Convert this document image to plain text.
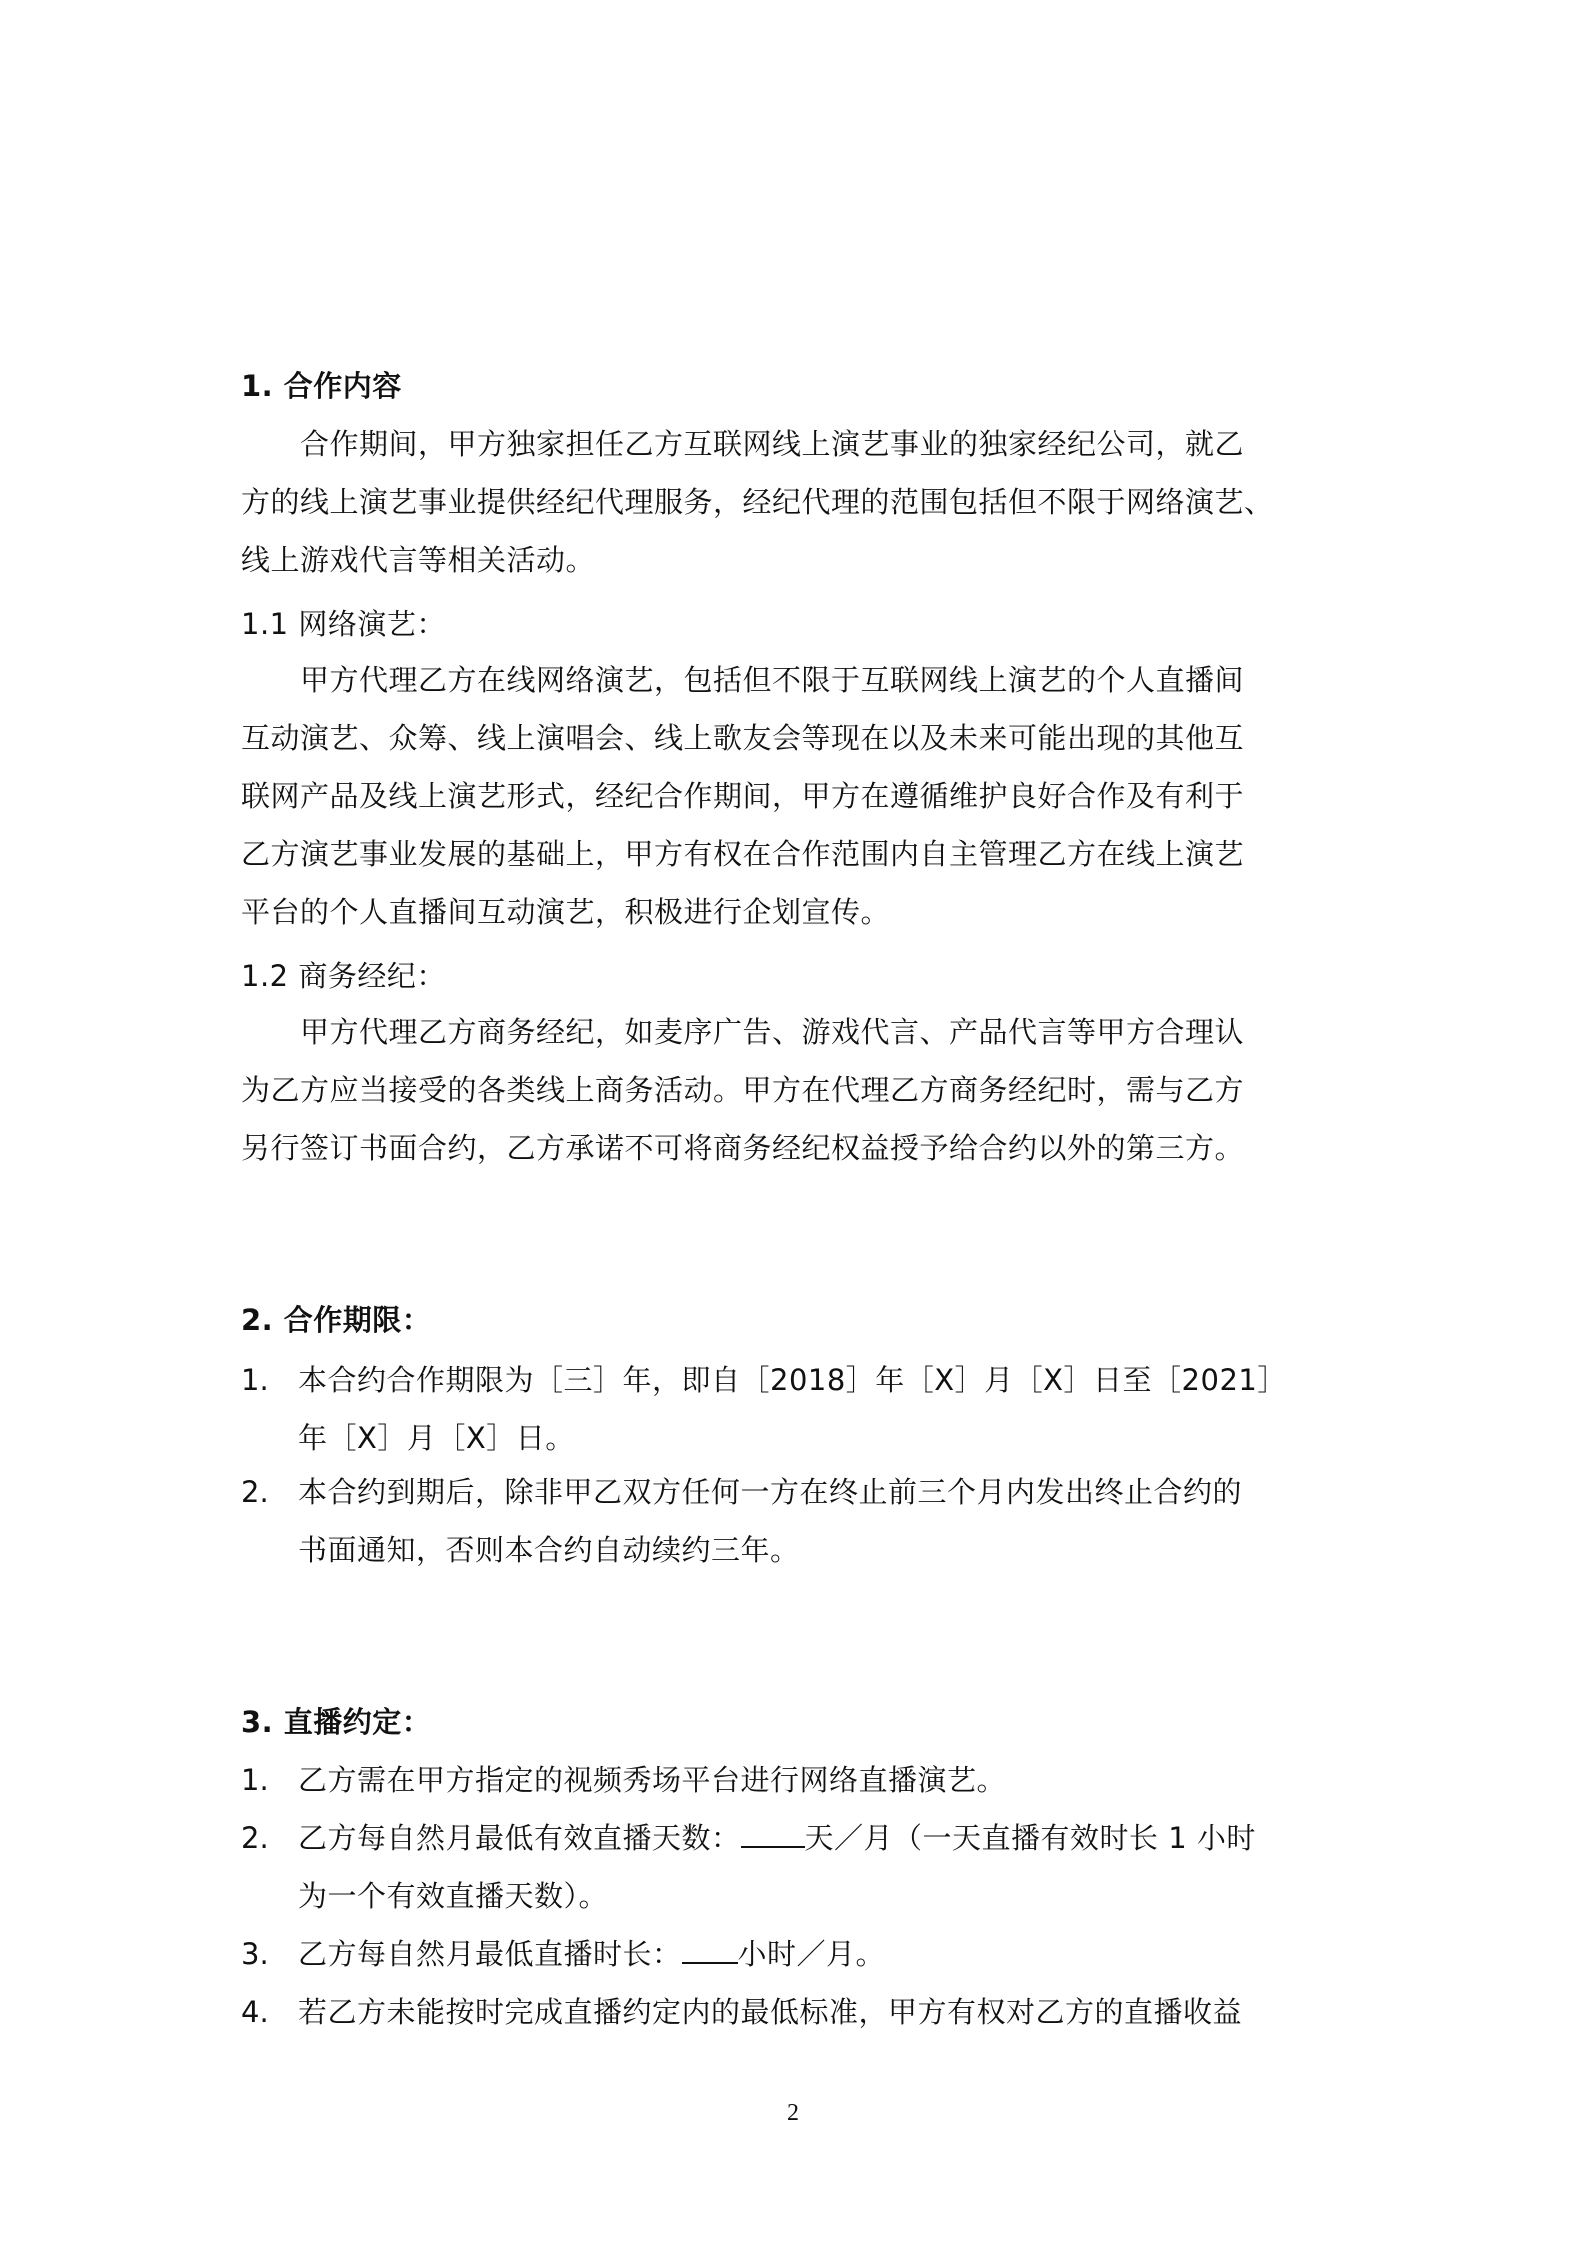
1. 合作内容
合作期间，甲方独家担任乙方互联网线上演艺事业的独家经纪公司，就乙
方的线上演艺事业提供经纪代理服务，经纪代理的范围包括但不限于网络演艺、
线上游戏代言等相关活动。
1.1 网络演艺：
甲方代理乙方在线网络演艺，包括但不限于互联网线上演艺的个人直播间
互动演艺、众筹、线上演唱会、线上歌友会等现在以及未来可能出现的其他互
联网产品及线上演艺形式，经纪合作期间，甲方在遵循维护良好合作及有利于
乙方演艺事业发展的基础上，甲方有权在合作范围内自主管理乙方在线上演艺
平台的个人直播间互动演艺，积极进行企划宣传。
1.2 商务经纪：
甲方代理乙方商务经纪，如麦序广告、游戏代言、产品代言等甲方合理认
为乙方应当接受的各类线上商务活动。甲方在代理乙方商务经纪时，需与乙方
另行签订书面合约，乙方承诺不可将商务经纪权益授予给合约以外的第三方。
2. 合作期限：
1. 本合约合作期限为［三］年，即自［2018］年［X］月［X］日至［2021］
年［X］月［X］日。
2. 本合约到期后，除非甲乙双方任何一方在终止前三个月内发出终止合约的
书面通知，否则本合约自动续约三年。
3. 直播约定：
1. 乙方需在甲方指定的视频秀场平台进行网络直播演艺。
2. 乙方每自然月最低有效直播天数： 天／月（一天直播有效时长 1 小时
为一个有效直播天数）。
3. 乙方每自然月最低直播时长： 小时／月。
4. 若乙方未能按时完成直播约定内的最低标准，甲方有权对乙方的直播收益
2
